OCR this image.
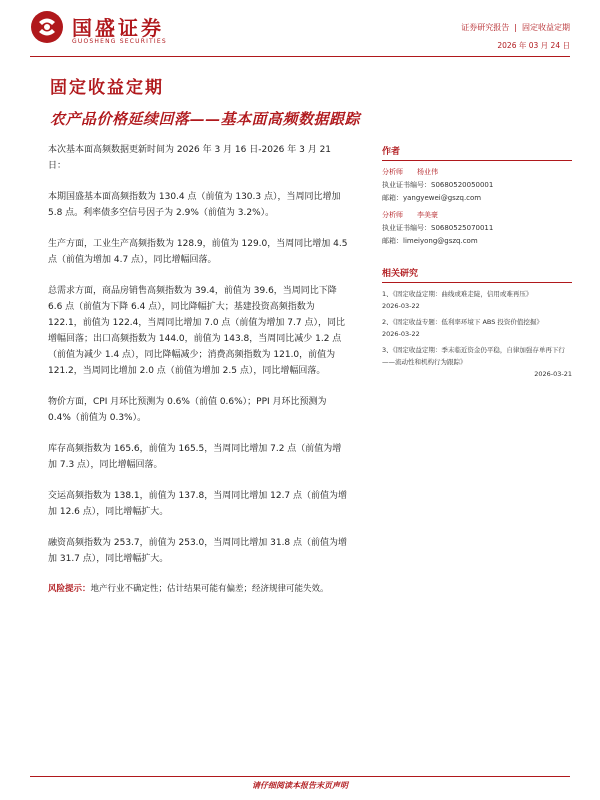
国盛证券
GUOSHENG SECURITIES
证券研究报告 | 固定收益定期
2026 年 03 月 24 日
固定收益定期
农产品价格延续回落——基本面高频数据跟踪

本次基本面高频数据更新时间为 2026 年 3 月 16 日-2026 年 3 月 21 日：

本期国盛基本面高频指数为 130.4 点（前值为 130.3 点），当周同比增加 5.8 点。利率债多空信号因子为 2.9%（前值为 3.2%）。

生产方面，工业生产高频指数为 128.9，前值为 129.0，当周同比增加 4.5 点（前值为增加 4.7 点），同比增幅回落。

总需求方面，商品房销售高频指数为 39.4，前值为 39.6，当周同比下降 6.6 点（前值为下降 6.4 点），同比降幅扩大；基建投资高频指数为 122.1，前值为 122.4，当周同比增加 7.0 点（前值为增加 7.7 点），同比增幅回落；出口高频指数为 144.0，前值为 143.8，当周同比减少 1.2 点（前值为减少 1.4 点），同比降幅减少；消费高频指数为 121.0，前值为 121.2，当周同比增加 2.0 点（前值为增加 2.5 点），同比增幅回落。

物价方面，CPI 月环比预测为 0.6%（前值 0.6%）；PPI 月环比预测为 0.4%（前值为 0.3%）。

库存高频指数为 165.6，前值为 165.5，当周同比增加 7.2 点（前值为增加 7.3 点），同比增幅回落。

交运高频指数为 138.1，前值为 137.8，当周同比增加 12.7 点（前值为增加 12.6 点），同比增幅扩大。

融资高频指数为 253.7，前值为 253.0，当周同比增加 31.8 点（前值为增加 31.7 点），同比增幅扩大。

风险提示：地产行业不确定性；估计结果可能有偏差；经济规律可能失效。
作者
分析师 杨业伟
执业证书编号：S0680520050001
邮箱：yangyewei@gszq.com
分析师 李美豪
执业证书编号：S0680525070011
邮箱：limeiyong@gszq.com
相关研究
1、《固定收益定期：曲线或难走陡，信用或难再压》
2026-03-22
2、《固定收益专题：低利率环境下 ABS 投资价值挖掘》
2026-03-22
3、《固定收益定期：季末临近资金仍平稳，自律加强存单再下行——流动性和机构行为跟踪》
2026-03-21
请仔细阅读本报告末页声明
